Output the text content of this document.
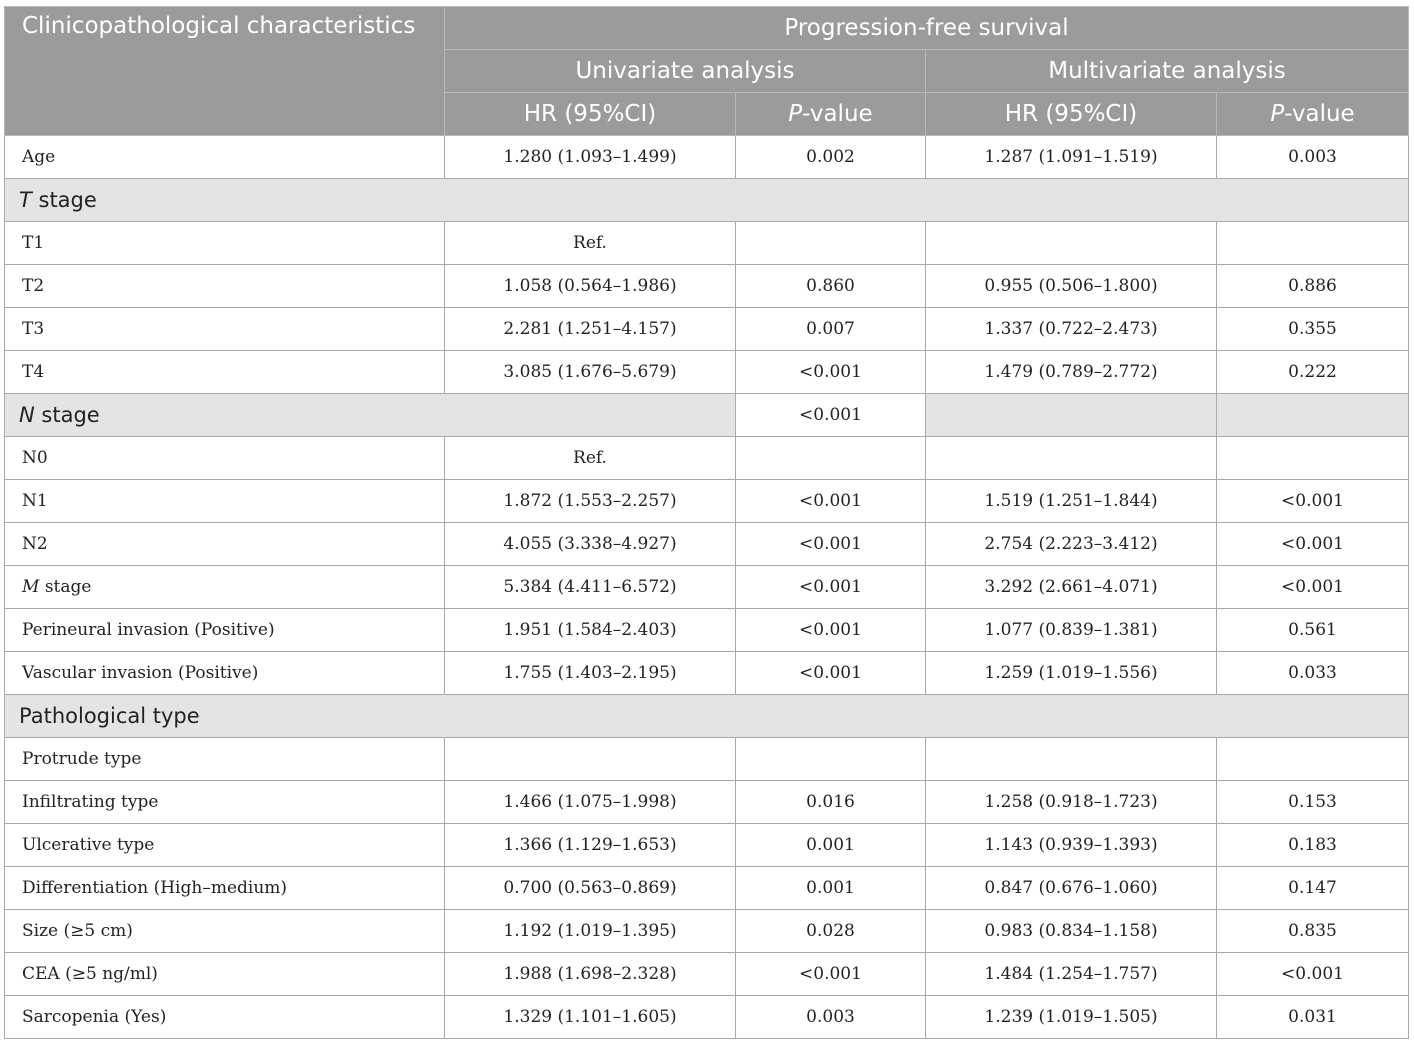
Clinicopathological characteristics	Progression-free survival			
	Univariate analysis		Multivariate analysis	
	HR (95%CI)	P-value	HR (95%CI)	P-value
Age	1.280 (1.093–1.499)	0.002	1.287 (1.091–1.519)	0.003
T stage				
T1	Ref.			
T2	1.058 (0.564–1.986)	0.860	0.955 (0.506–1.800)	0.886
T3	2.281 (1.251–4.157)	0.007	1.337 (0.722–2.473)	0.355
T4	3.085 (1.676–5.679)	<0.001	1.479 (0.789–2.772)	0.222
N stage		<0.001		
N0	Ref.			
N1	1.872 (1.553–2.257)	<0.001	1.519 (1.251–1.844)	<0.001
N2	4.055 (3.338–4.927)	<0.001	2.754 (2.223–3.412)	<0.001
M stage	5.384 (4.411–6.572)	<0.001	3.292 (2.661–4.071)	<0.001
Perineural invasion (Positive)	1.951 (1.584–2.403)	<0.001	1.077 (0.839–1.381)	0.561
Vascular invasion (Positive)	1.755 (1.403–2.195)	<0.001	1.259 (1.019–1.556)	0.033
Pathological type				
Protrude type				
Infiltrating type	1.466 (1.075–1.998)	0.016	1.258 (0.918–1.723)	0.153
Ulcerative type	1.366 (1.129–1.653)	0.001	1.143 (0.939–1.393)	0.183
Differentiation (High–medium)	0.700 (0.563–0.869)	0.001	0.847 (0.676–1.060)	0.147
Size (≥5 cm)	1.192 (1.019–1.395)	0.028	0.983 (0.834–1.158)	0.835
CEA (≥5 ng/ml)	1.988 (1.698–2.328)	<0.001	1.484 (1.254–1.757)	<0.001
Sarcopenia (Yes)	1.329 (1.101–1.605)	0.003	1.239 (1.019–1.505)	0.031
